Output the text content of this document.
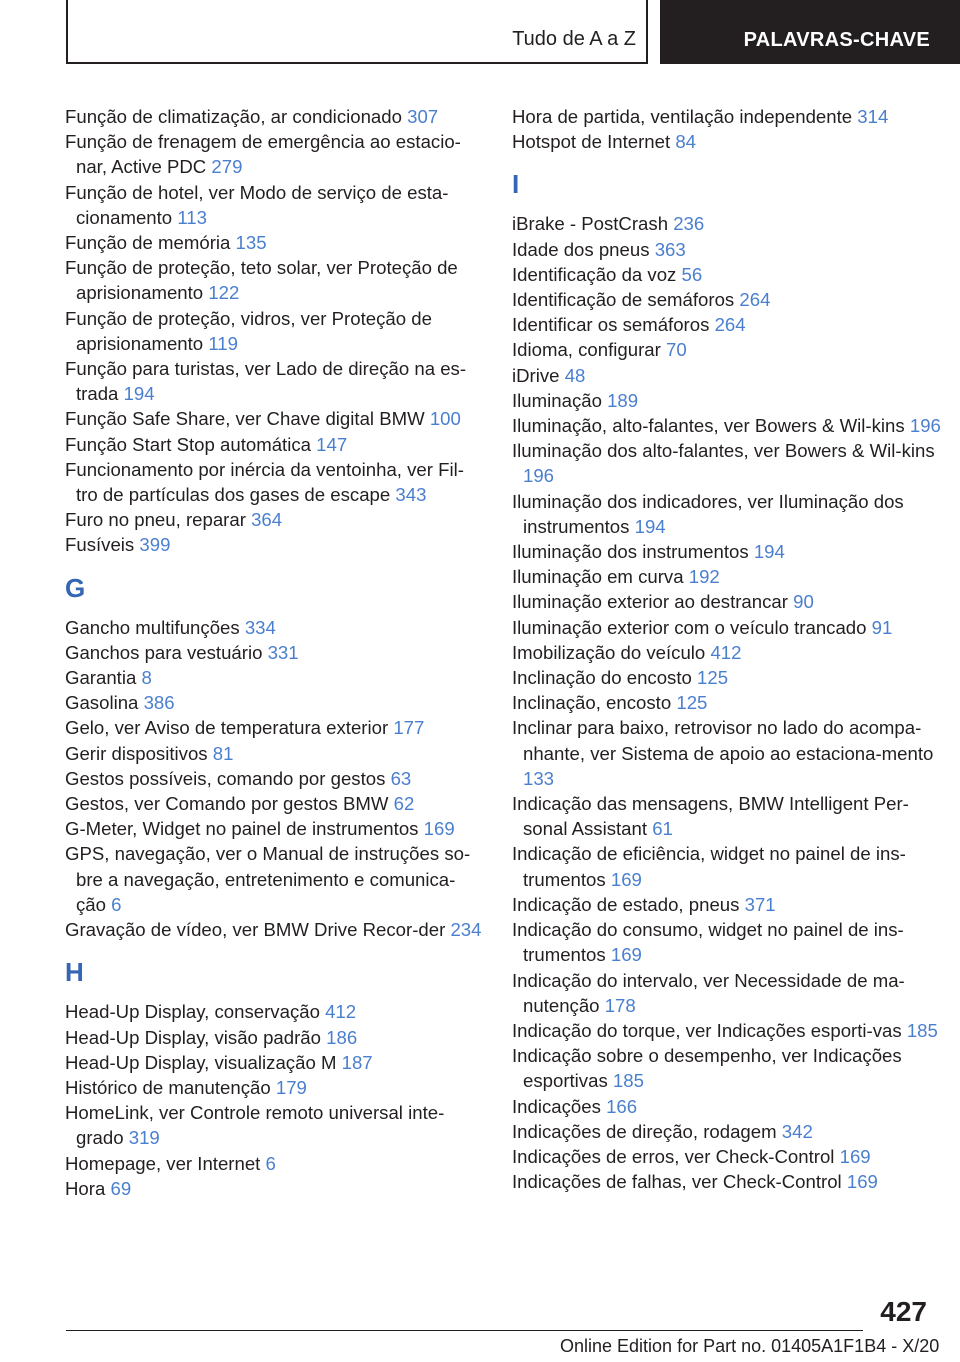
Tudo de A a Z	PALAVRAS-CHAVE
Função de climatização, ar condicionado 307
Função de frenagem de emergência ao estacio-nar, Active PDC 279
Função de hotel, ver Modo de serviço de esta-cionamento 113
Função de memória 135
Função de proteção, teto solar, ver Proteção de aprisionamento 122
Função de proteção, vidros, ver Proteção de aprisionamento 119
Função para turistas, ver Lado de direção na es-trada 194
Função Safe Share, ver Chave digital BMW 100
Função Start Stop automática 147
Funcionamento por inércia da ventoinha, ver Fil-tro de partículas dos gases de escape 343
Furo no pneu, reparar 364
Fusíveis 399
G
Gancho multifunções 334
Ganchos para vestuário 331
Garantia 8
Gasolina 386
Gelo, ver Aviso de temperatura exterior 177
Gerir dispositivos 81
Gestos possíveis, comando por gestos 63
Gestos, ver Comando por gestos BMW 62
G-Meter, Widget no painel de instrumentos 169
GPS, navegação, ver o Manual de instruções so-bre a navegação, entretenimento e comunica-ção 6
Gravação de vídeo, ver BMW Drive Recor-der 234
H
Head-Up Display, conservação 412
Head-Up Display, visão padrão 186
Head-Up Display, visualização M 187
Histórico de manutenção 179
HomeLink, ver Controle remoto universal inte-grado 319
Homepage, ver Internet 6
Hora 69
Hora de partida, ventilação independente 314
Hotspot de Internet 84
I
iBrake - PostCrash 236
Idade dos pneus 363
Identificação da voz 56
Identificação de semáforos 264
Identificar os semáforos 264
Idioma, configurar 70
iDrive 48
Iluminação 189
Iluminação, alto-falantes, ver Bowers & Wil-kins 196
Iluminação dos alto-falantes, ver Bowers & Wil-kins 196
Iluminação dos indicadores, ver Iluminação dos instrumentos 194
Iluminação dos instrumentos 194
Iluminação em curva 192
Iluminação exterior ao destrancar 90
Iluminação exterior com o veículo trancado 91
Imobilização do veículo 412
Inclinação do encosto 125
Inclinação, encosto 125
Inclinar para baixo, retrovisor no lado do acompa-nhante, ver Sistema de apoio ao estaciona-mento 133
Indicação das mensagens, BMW Intelligent Per-sonal Assistant 61
Indicação de eficiência, widget no painel de ins-trumentos 169
Indicação de estado, pneus 371
Indicação do consumo, widget no painel de ins-trumentos 169
Indicação do intervalo, ver Necessidade de ma-nutenção 178
Indicação do torque, ver Indicações esporti-vas 185
Indicação sobre o desempenho, ver Indicações esportivas 185
Indicações 166
Indicações de direção, rodagem 342
Indicações de erros, ver Check-Control 169
Indicações de falhas, ver Check-Control 169
427
Online Edition for Part no. 01405A1F1B4 - X/20
